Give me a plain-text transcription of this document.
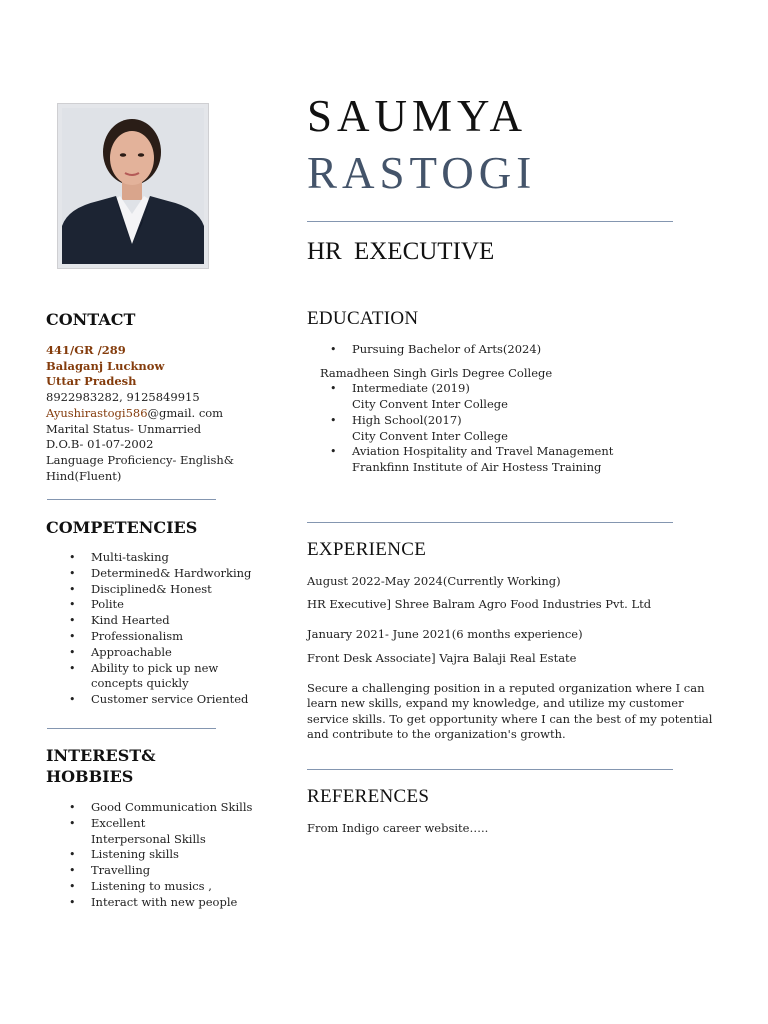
SAUMYA
RASTOGI
HR EXECUTIVE
CONTACT
441/GR /289
Balaganj Lucknow
Uttar Pradesh
8922983282, 9125849915
Ayushirastogi586@gmail. com
Marital Status- Unmarried
D.O.B- 01-07-2002
Language Proficiency- English&
Hind(Fluent)
COMPETENCIES
• Multi-tasking
• Determined& Hardworking
• Disciplined& Honest
• Polite
• Kind Hearted
• Professionalism
• Approachable
• Ability to pick up new concepts quickly
• Customer service Oriented
INTEREST&
HOBBIES
• Good Communication Skills
• Excellent Interpersonal Skills
• Listening skills
• Travelling
• Listening to musics ,
• Interact with new people
EDUCATION
• Pursuing Bachelor of Arts(2024)
Ramadheen Singh Girls Degree College
• Intermediate (2019)
City Convent Inter College
• High School(2017)
City Convent Inter College
• Aviation Hospitality and Travel Management
Frankfinn Institute of Air Hostess Training
EXPERIENCE
August 2022-May 2024(Currently Working)
HR Executive] Shree Balram Agro Food Industries Pvt. Ltd
January 2021- June 2021(6 months experience)
Front Desk Associate] Vajra Balaji Real Estate
Secure a challenging position in a reputed organization where I can learn new skills, expand my knowledge, and utilize my customer service skills. To get opportunity where I can the best of my potential and contribute to the organization's growth.
REFERENCES
From Indigo career website…..
